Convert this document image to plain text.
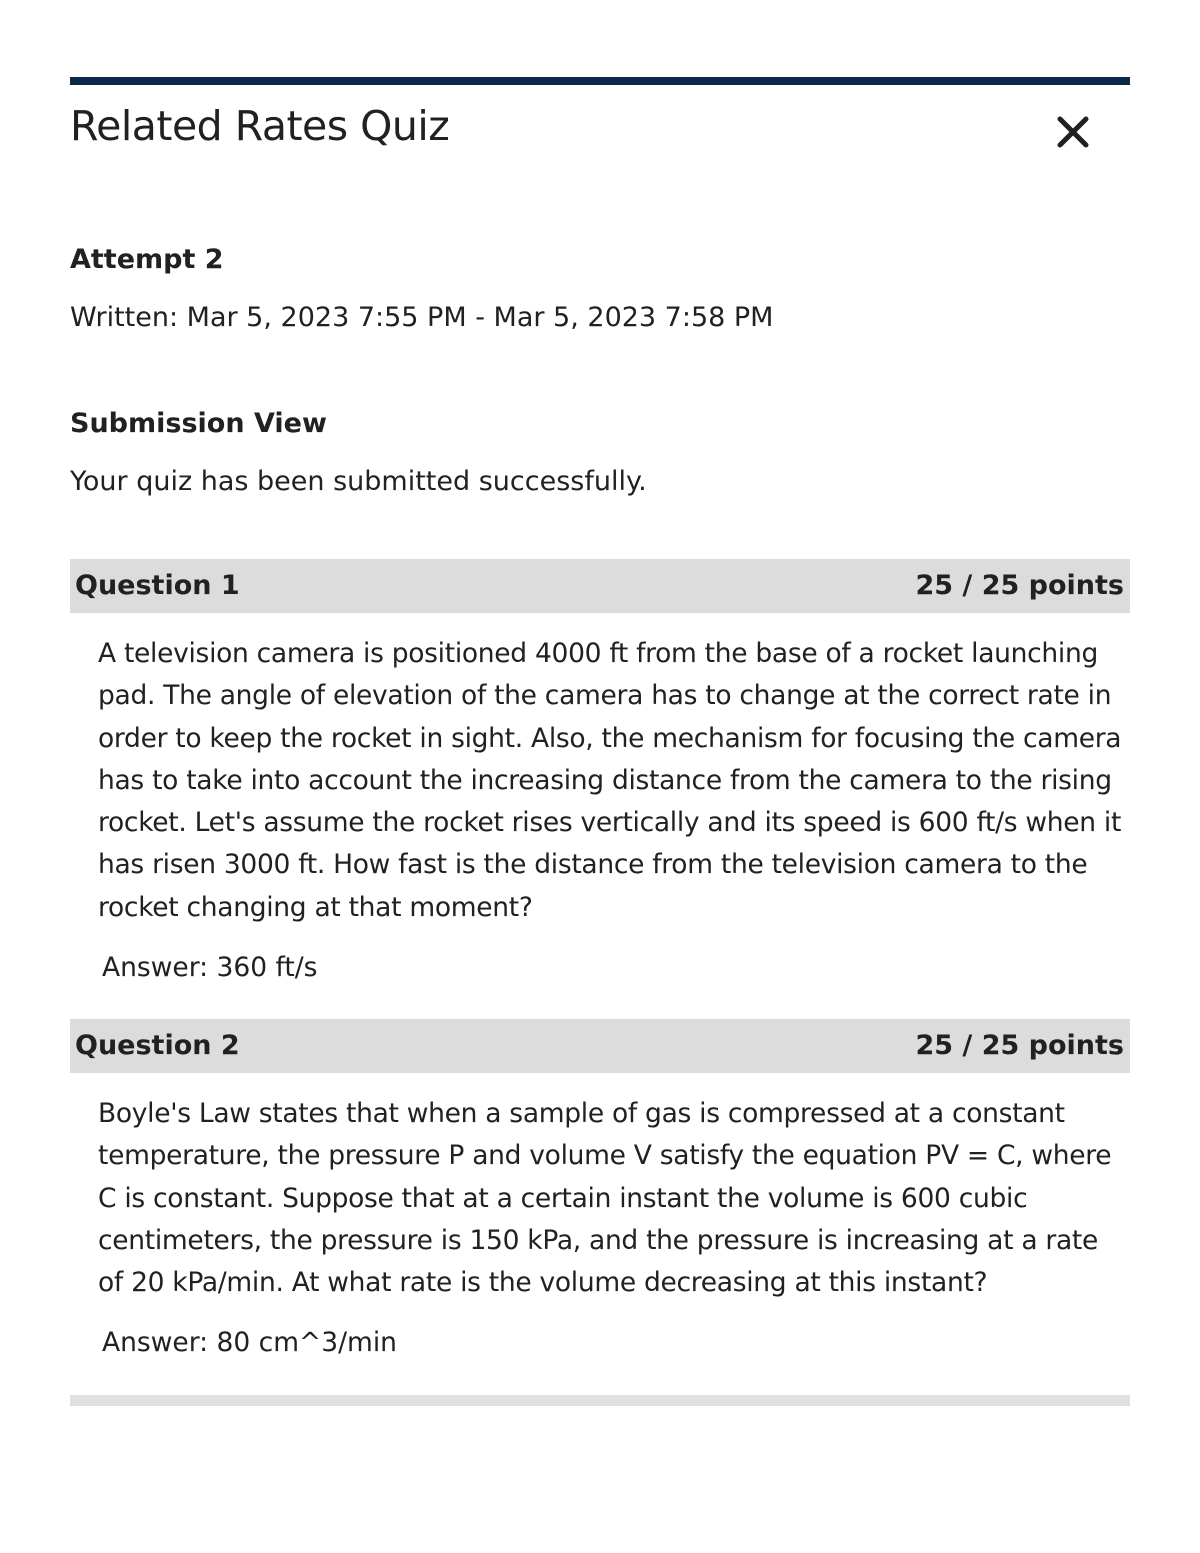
Related Rates Quiz
Attempt 2
Written: Mar 5, 2023 7:55 PM - Mar 5, 2023 7:58 PM
Submission View
Your quiz has been submitted successfully.
Question 1	25 / 25 points
A television camera is positioned 4000 ft from the base of a rocket launching pad. The angle of elevation of the camera has to change at the correct rate in order to keep the rocket in sight. Also, the mechanism for focusing the camera has to take into account the increasing distance from the camera to the rising rocket. Let's assume the rocket rises vertically and its speed is 600 ft/s when it has risen 3000 ft. How fast is the distance from the television camera to the rocket changing at that moment?
Answer: 360 ft/s
Question 2	25 / 25 points
Boyle's Law states that when a sample of gas is compressed at a constant temperature, the pressure P and volume V satisfy the equation PV = C, where C is constant. Suppose that at a certain instant the volume is 600 cubic centimeters, the pressure is 150 kPa, and the pressure is increasing at a rate of 20 kPa/min. At what rate is the volume decreasing at this instant?
Answer: 80 cm^3/min
